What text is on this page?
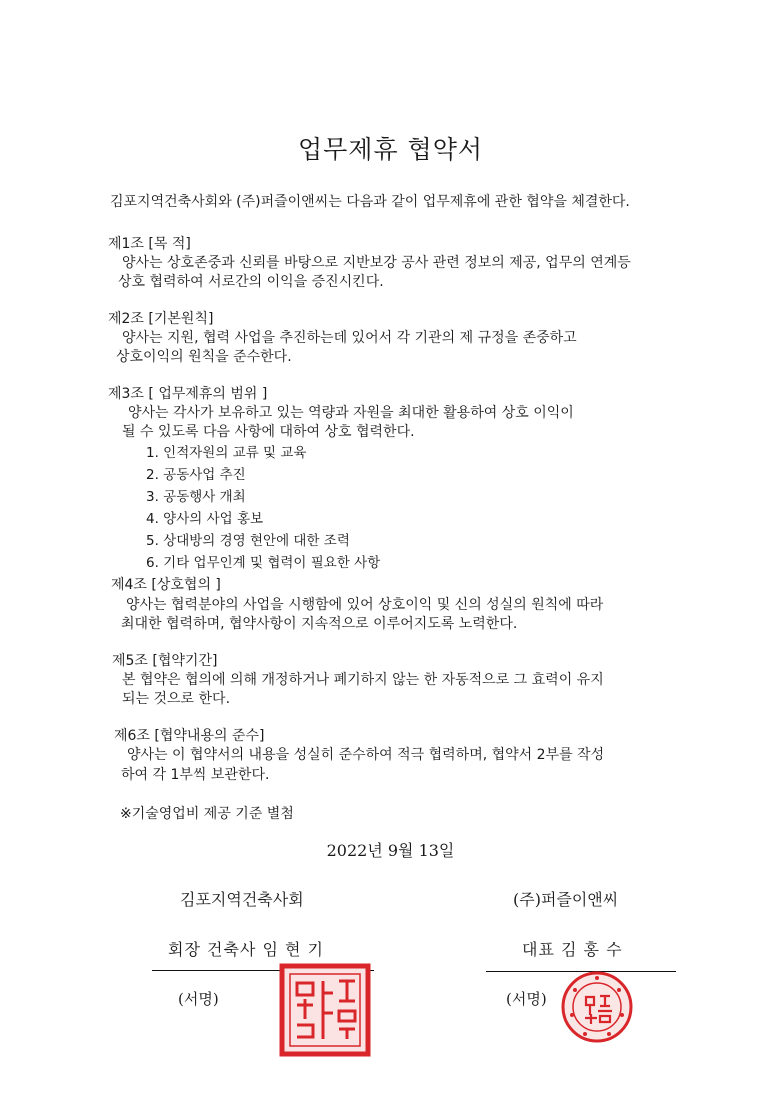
업무제휴 협약서
김포지역건축사회와 (주)퍼즐이앤씨는 다음과 같이 업무제휴에 관한 협약을 체결한다.
제1조 [목 적]
양사는 상호존중과 신뢰를 바탕으로 지반보강 공사 관련 정보의 제공, 업무의 연계등
상호 협력하여 서로간의 이익을 증진시킨다.
제2조 [기본원칙]
양사는 지원, 협력 사업을 추진하는데 있어서 각 기관의 제 규정을 존중하고
상호이익의 원칙을 준수한다.
제3조 [ 업무제휴의 범위 ]
양사는 각사가 보유하고 있는 역량과 자원을 최대한 활용하여 상호 이익이
될 수 있도록 다음 사항에 대하여 상호 협력한다.
1. 인적자원의 교류 및 교육
2. 공동사업 추진
3. 공동행사 개최
4. 양사의 사업 홍보
5. 상대방의 경영 현안에 대한 조력
6. 기타 업무인계 및 협력이 필요한 사항
제4조 [상호협의 ]
양사는 협력분야의 사업을 시행함에 있어 상호이익 및 신의 성실의 원칙에 따라
최대한 협력하며, 협약사항이 지속적으로 이루어지도록 노력한다.
제5조 [협약기간]
본 협약은 협의에 의해 개정하거나 폐기하지 않는 한 자동적으로 그 효력이 유지
되는 것으로 한다.
제6조 [협약내용의 준수]
양사는 이 협약서의 내용을 성실히 준수하여 적극 협력하며, 협약서 2부를 작성
하여 각 1부씩 보관한다.
※기술영업비 제공 기준 별첨
2022년 9월 13일
김포지역건축사회
회장 건축사 임 현 기
(서명)
(주)퍼즐이앤씨
대표 김 홍 수
(서명)
